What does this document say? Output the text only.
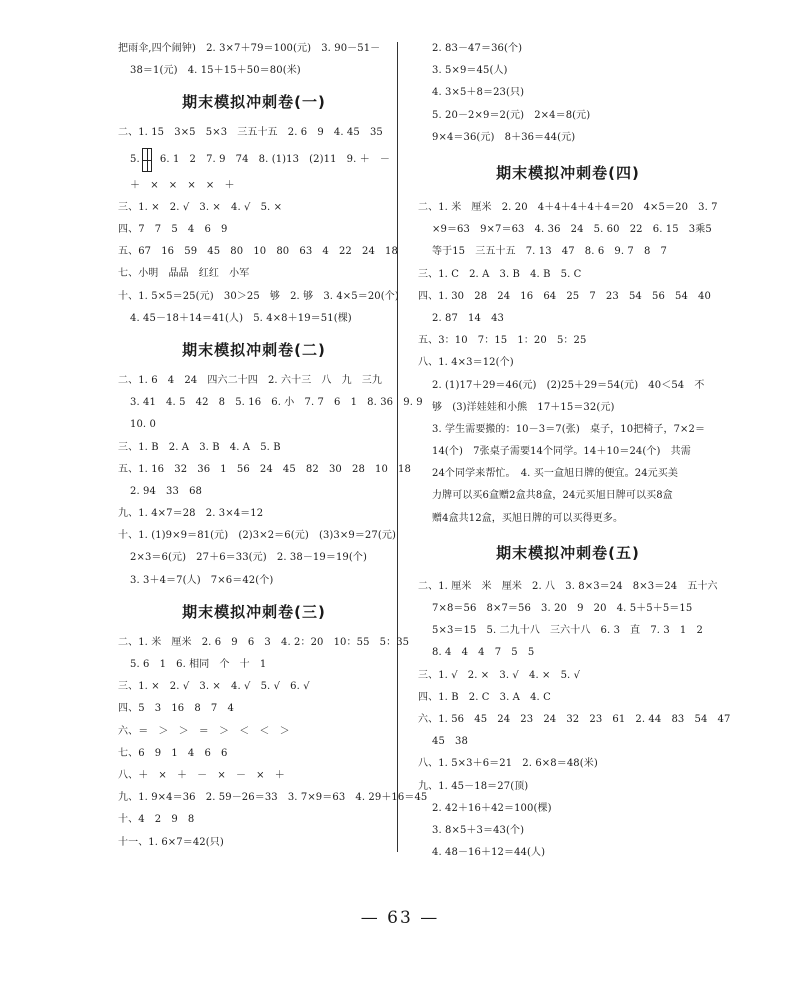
把雨伞,四个闹钟)　2. 3×7＋79＝100(元)　3. 90－51－
38＝1(元)　4. 15＋15＋50＝80(米)
期末模拟冲刺卷(一)
二、1. 15　3×5　5×3　三五十五　2. 6　9　4. 45　35
5. 6. 1　2　7. 9　74　8. (1)13　(2)11　9. ＋　－
＋　×　×　×　×　＋
三、1. ×　2. √　3. ×　4. √　5. ×
四、7　7　5　4　6　9
五、67　16　59　45　80　10　80　63　4　22　24　18
七、小明　晶晶　红红　小军
十、1. 5×5＝25(元)　30＞25　够　2. 够　3. 4×5＝20(个)
4. 45－18＋14＝41(人)　5. 4×8＋19＝51(棵)
期末模拟冲刺卷(二)
二、1. 6　4　24　四六二十四　2. 六十三　八　九　三九
3. 41　4. 5　42　8　5. 16　6. 小　7. 7　6　1　8. 36　9. 9
10. 0
三、1. B　2. A　3. B　4. A　5. B
五、1. 16　32　36　1　56　24　45　82　30　28　10　18
2. 94　33　68
九、1. 4×7＝28　2. 3×4＝12
十、1. (1)9×9＝81(元)　(2)3×2＝6(元)　(3)3×9＝27(元)
2×3＝6(元)　27＋6＝33(元)　2. 38－19＝19(个)
3. 3＋4＝7(人)　7×6＝42(个)
期末模拟冲刺卷(三)
二、1. 米　厘米　2. 6　9　6　3　4. 2：20　10：55　5：35
5. 6　1　6. 相同　个　十　1
三、1. ×　2. √　3. ×　4. √　5. √　6. √
四、5　3　16　8　7　4
六、＝　＞　＞　＝　＞　＜　＜　＞
七、6　9　1　4　6　6
八、＋　×　＋　－　×　－　×　＋
九、1. 9×4＝36　2. 59－26＝33　3. 7×9＝63　4. 29＋16＝45
十、4　2　9　8
十一、1. 6×7＝42(只)
2. 83－47＝36(个)
3. 5×9＝45(人)
4. 3×5＋8＝23(只)
5. 20－2×9＝2(元)　2×4＝8(元)
9×4＝36(元)　8＋36＝44(元)
期末模拟冲刺卷(四)
二、1. 米　厘米　2. 20　4＋4＋4＋4＋4＝20　4×5＝20　3. 7
×9＝63　9×7＝63　4. 36　24　5. 60　22　6. 15　3乘5
等于15　三五十五　7. 13　47　8. 6　9. 7　8　7
三、1. C　2. A　3. B　4. B　5. C
四、1. 30　28　24　16　64　25　7　23　54　56　54　40
2. 87　14　43
五、3：10　7：15　1：20　5：25
八、1. 4×3＝12(个)
2. (1)17＋29＝46(元)　(2)25＋29＝54(元)　40＜54　不
够　(3)洋娃娃和小熊　17＋15＝32(元)
3. 学生需要搬的：10－3＝7(张)　桌子，10把椅子，7×2＝
14(个)　7张桌子需要14个同学。14＋10＝24(个)　共需
24个同学来帮忙。　4. 买一盒旭日牌的便宜。24元买美
力牌可以买6盒赠2盒共8盒，24元买旭日牌可以买8盒
赠4盒共12盒，买旭日牌的可以买得更多。
期末模拟冲刺卷(五)
二、1. 厘米　米　厘米　2. 八　3. 8×3＝24　8×3＝24　五十六
7×8＝56　8×7＝56　3. 20　9　20　4. 5＋5＋5＝15
5×3＝15　5. 二九十八　三六十八　6. 3　直　7. 3　1　2
8. 4　4　4　7　5　5
三、1. √　2. ×　3. √　4. ×　5. √
四、1. B　2. C　3. A　4. C
六、1. 56　45　24　23　24　32　23　61　2. 44　83　54　47
45　38
八、1. 5×3＋6＝21　2. 6×8＝48(米)
九、1. 45－18＝27(顶)
2. 42＋16＋42＝100(棵)
3. 8×5＋3＝43(个)
4. 48－16＋12＝44(人)
— 63 —
